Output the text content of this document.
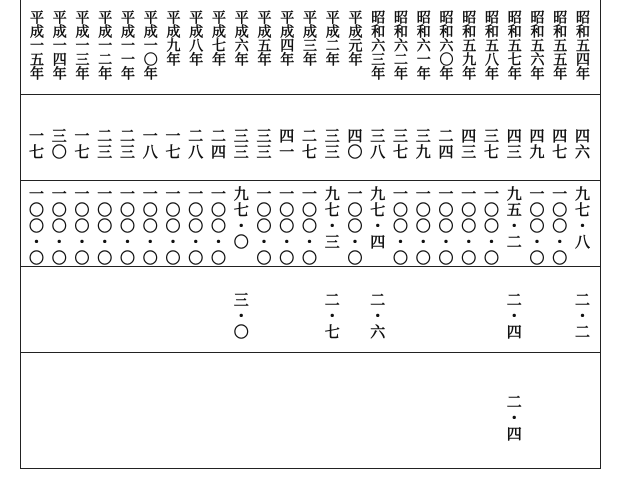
平成一五年
一七
一〇〇・〇
平成一四年
三〇
一〇〇・〇
平成一三年
一七
一〇〇・〇
平成一二年
二三
一〇〇・〇
平成一一年
二三
一〇〇・〇
平成一〇年
一八
一〇〇・〇
平成九年
一七
一〇〇・〇
平成八年
二八
一〇〇・〇
平成七年
二四
一〇〇・〇
平成六年
三三
九七・〇
三・〇
平成五年
三三
一〇〇・〇
平成四年
四一
一〇〇・〇
平成三年
二七
一〇〇・〇
平成二年
三三
九七・三
二・七
平成元年
四〇
一〇〇・〇
昭和六三年
三八
九七・四
二・六
昭和六二年
三七
一〇〇・〇
昭和六一年
三九
一〇〇・〇
昭和六〇年
二四
一〇〇・〇
昭和五九年
四三
一〇〇・〇
昭和五八年
三七
一〇〇・〇
昭和五七年
四三
九五・二
二・四
二・四
昭和五六年
四九
一〇〇・〇
昭和五五年
四七
一〇〇・〇
昭和五四年
四六
九七・八
二・二
